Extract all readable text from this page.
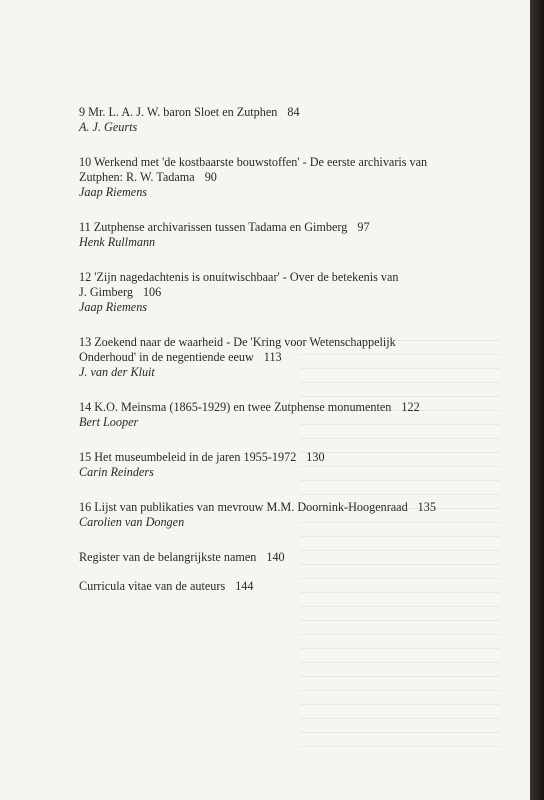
9 Mr. L. A. J. W. baron Sloet en Zutphen 84
A. J. Geurts
10 Werkend met 'de kostbaarste bouwstoffen' - De eerste archivaris van
Zutphen: R. W. Tadama 90
Jaap Riemens
11 Zutphense archivarissen tussen Tadama en Gimberg 97
Henk Rullmann
12 'Zijn nagedachtenis is onuitwischbaar' - Over de betekenis van
J. Gimberg 106
Jaap Riemens
13 Zoekend naar de waarheid - De 'Kring voor Wetenschappelijk
Onderhoud' in de negentiende eeuw 113
J. van der Kluit
14 K.O. Meinsma (1865-1929) en twee Zutphense monumenten 122
Bert Looper
15 Het museumbeleid in de jaren 1955-1972 130
Carin Reinders
16 Lijst van publikaties van mevrouw M.M. Doornink-Hoogenraad 135
Carolien van Dongen
Register van de belangrijkste namen 140
Curricula vitae van de auteurs 144
